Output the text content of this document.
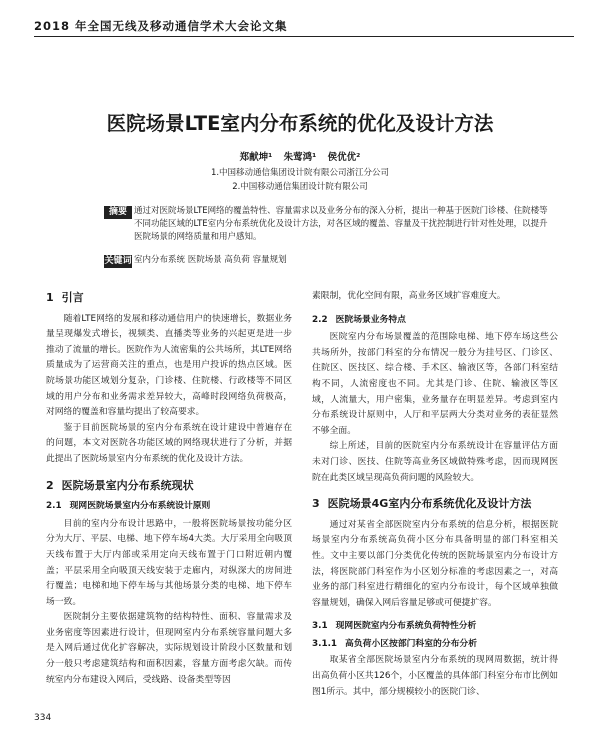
2018 年全国无线及移动通信学术大会论文集
医院场景LTE室内分布系统的优化及设计方法
郑献坤¹ 朱莺鸿¹ 侯优优²
1.中国移动通信集团设计院有限公司浙江分公司
2.中国移动通信集团设计院有限公司
摘要 通过对医院场景LTE网络的覆盖特性、容量需求以及业务分布的深入分析，提出一种基于医院门诊楼、住院楼等不同功能区域的LTE室内分布系统优化及设计方法，对各区域的覆盖、容量及干扰控制进行针对性处理，以提升医院场景的网络质量和用户感知。
关键词 室内分布系统 医院场景 高负荷 容量规划
1 引言

随着LTE网络的发展和移动通信用户的快速增长，数据业务量呈现爆发式增长，视频类、直播类等业务的兴起更是进一步推动了流量的增长。医院作为人流密集的公共场所，其LTE网络质量成为了运营商关注的重点，也是用户投诉的热点区域。医院场景功能区域划分复杂，门诊楼、住院楼、行政楼等不同区域的用户分布和业务需求差异较大，高峰时段网络负荷极高，对网络的覆盖和容量均提出了较高要求。

鉴于目前医院场景的室内分布系统在设计建设中普遍存在的问题，本文对医院各功能区域的网络现状进行了分析，并据此提出了医院场景室内分布系统的优化及设计方法。

2 医院场景室内分布系统现状
2.1 现网医院场景室内分布系统设计原则

目前的室内分布设计思路中，一般将医院场景按功能分区分为大厅、平层、电梯、地下停车场4大类。大厅采用全向吸顶天线布置于大厅内部或采用定向天线布置于门口附近朝内覆盖；平层采用全向吸顶天线安装于走廊内，对纵深大的房间进行覆盖；电梯和地下停车场与其他场景分类的电梯、地下停车场一致。

医院制分主要依据建筑物的结构特性、面积、容量需求及业务密度等因素进行设计，但现网室内分布系统容量问题大多是入网后通过优化扩容解决，实际规划设计阶段小区数量和划分一般只考虑建筑结构和面积因素，容量方面考虑欠缺。而传统室内分布建设入网后，受线路、设备类型等因

素限制，优化空间有限，高业务区域扩容难度大。

2.2 医院场景业务特点

医院室内分布场景覆盖的范围除电梯、地下停车场这些公共场所外，按部门科室的分布情况一般分为挂号区、门诊区、住院区、医技区、综合楼、手术区、输液区等，各部门科室结构不同，人流密度也不同。尤其是门诊、住院、输液区等区域，人流量大，用户密集，业务量存在明显差异。考虑到室内分布系统设计原则中，人厅和平层两大分类对业务的表征显然不够全面。

综上所述，目前的医院室内分布系统设计在容量评估方面未对门诊、医技、住院等高业务区域做特殊考虑，因而现网医院在此类区域呈现高负荷问题的风险较大。

3 医院场景4G室内分布系统优化及设计方法

通过对某省全部医院室内分布系统的信息分析，根据医院场景室内分布系统高负荷小区分布具备明显的部门科室相关性。文中主要以部门分类优化传统的医院场景室内分布设计方法，将医院部门科室作为小区划分标准的考虑因素之一，对高业务的部门科室进行精细化的室内分布设计，每个区域单独做容量规划，确保入网后容量足够或可便捷扩容。

3.1 现网医院室内分布系统负荷特性分析
3.1.1 高负荷小区按部门科室的分布分析

取某省全部医院场景室内分布系统的现网周数据，统计得出高负荷小区共126个，小区覆盖的具体部门科室分布市比例如图1所示。其中，部分规模较小的医院门诊、

334
